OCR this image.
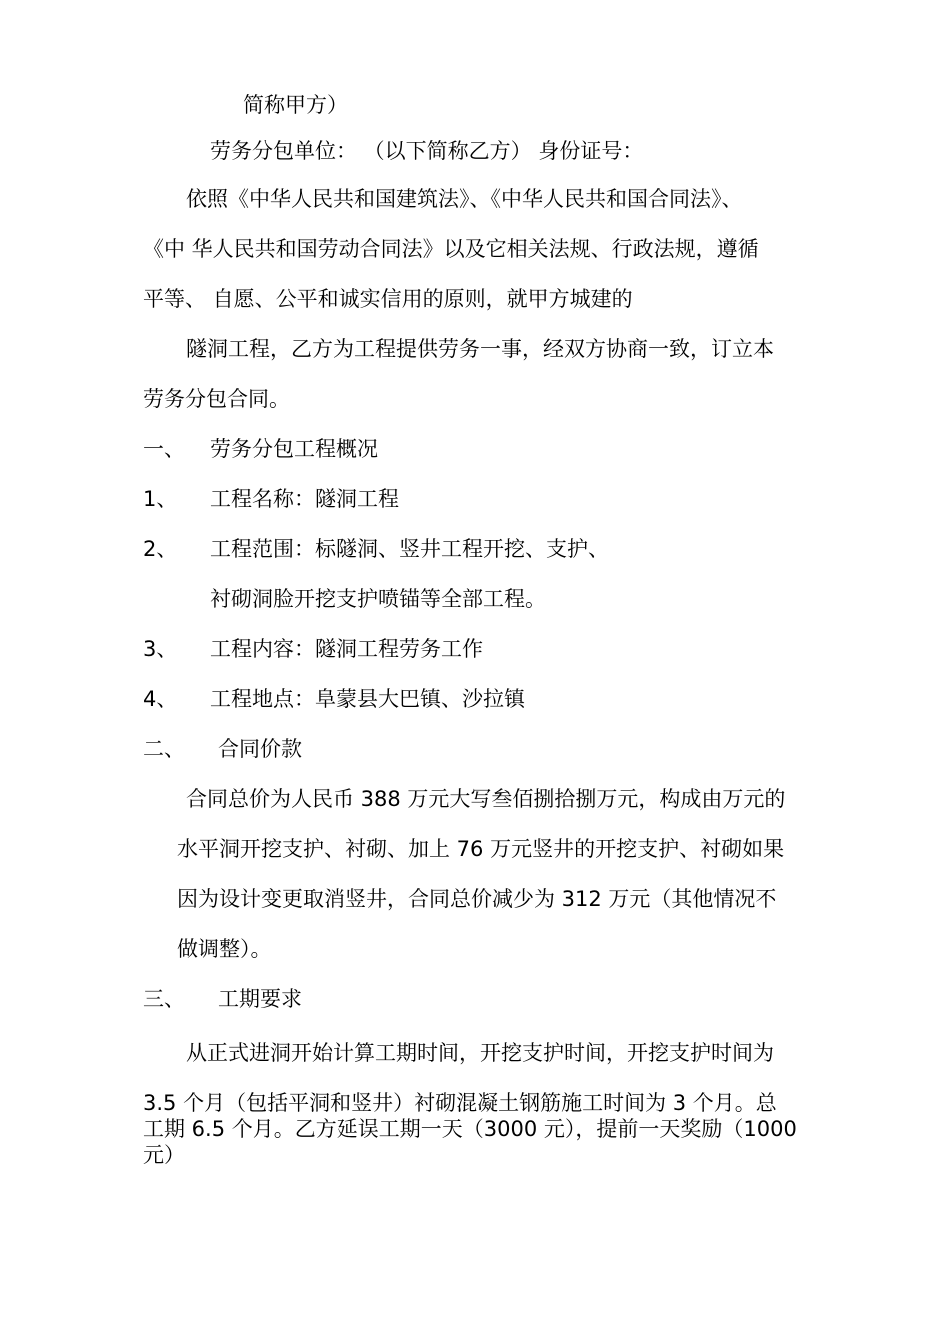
简称甲方）
劳务分包单位： （以下简称乙方） 身份证号：
依照《中华人民共和国建筑法》、《中华人民共和国合同法》、
《中 华人民共和国劳动合同法》以及它相关法规、行政法规，遵循
平等、 自愿、公平和诚实信用的原则，就甲方城建的
隧洞工程，乙方为工程提供劳务一事，经双方协商一致，订立本
劳务分包合同。
一、 劳务分包工程概况
1、 工程名称：隧洞工程
2、 工程范围：标隧洞、竖井工程开挖、支护、
衬砌洞脸开挖支护喷锚等全部工程。
3、 工程内容：隧洞工程劳务工作
4、 工程地点：阜蒙县大巴镇、沙拉镇
二、 合同价款
合同总价为人民币 388 万元大写叁佰捌拾捌万元，构成由万元的
水平洞开挖支护、衬砌、加上 76 万元竖井的开挖支护、衬砌如果
因为设计变更取消竖井，合同总价减少为 312 万元（其他情况不
做调整）。
三、 工期要求
从正式进洞开始计算工期时间，开挖支护时间，开挖支护时间为
3.5 个月（包括平洞和竖井）衬砌混凝土钢筋施工时间为 3 个月。总
工期 6.5 个月。乙方延误工期一天（3000 元），提前一天奖励（1000
元）
